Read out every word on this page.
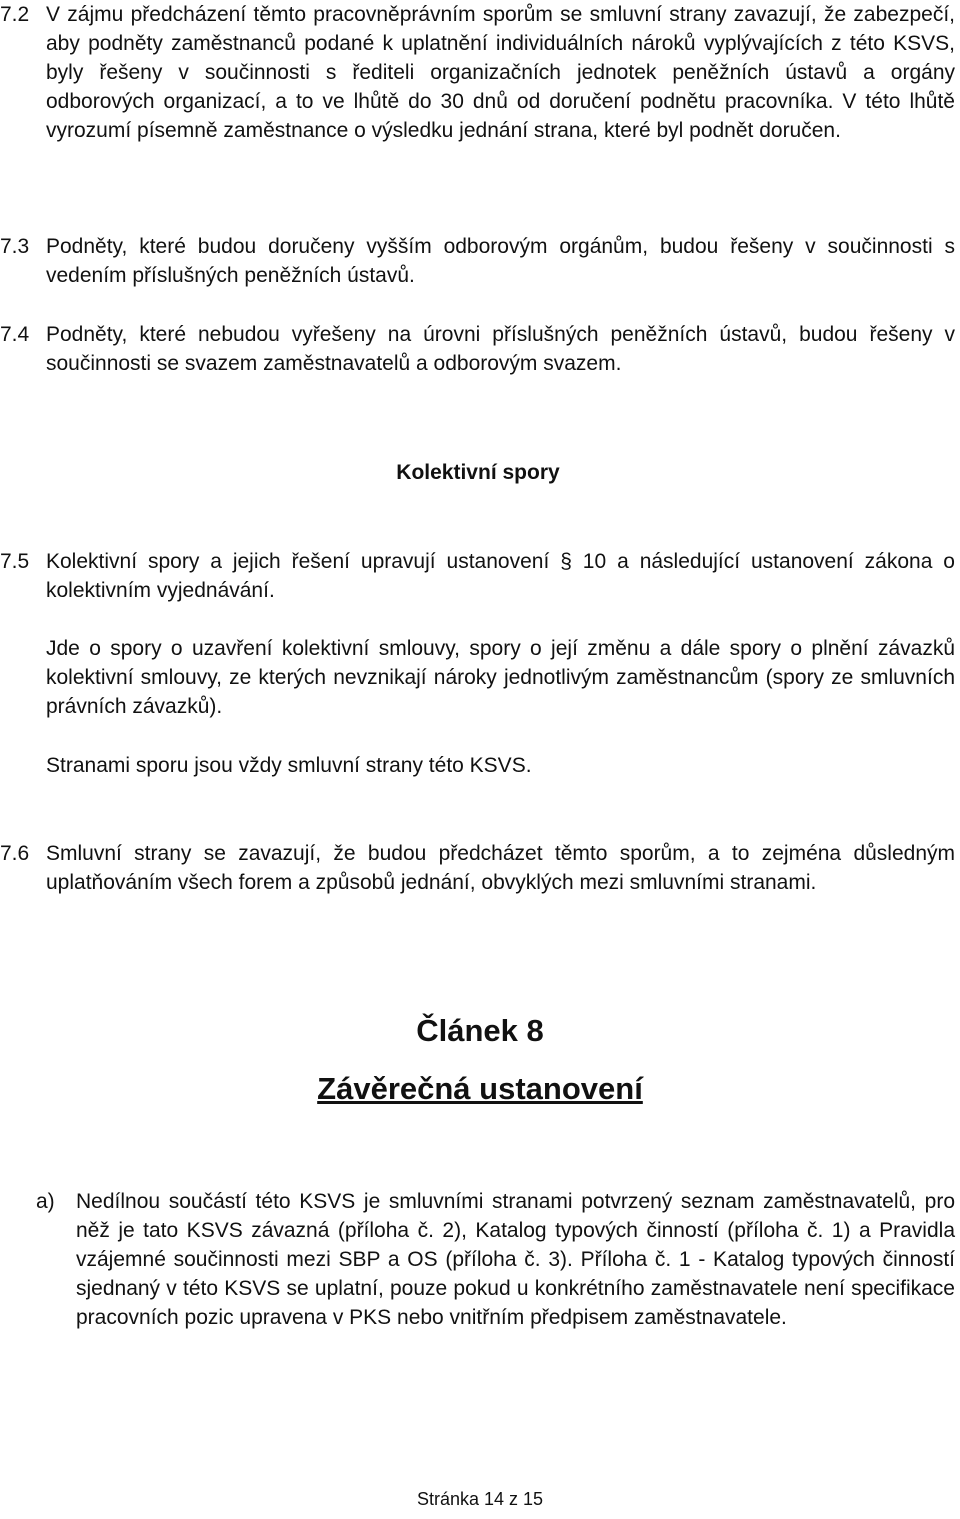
7.2 V zájmu předcházení těmto pracovněprávním sporům se smluvní strany zavazují, že zabezpečí, aby podněty zaměstnanců podané k uplatnění individuálních nároků vyplývajících z této KSVS, byly řešeny v součinnosti s řediteli organizačních jednotek peněžních ústavů a orgány odborových organizací, a to ve lhůtě do 30 dnů od doručení podnětu pracovníka. V této lhůtě vyrozumí písemně zaměstnance o výsledku jednání strana, které byl podnět doručen.
7.3 Podněty, které budou doručeny vyšším odborovým orgánům, budou řešeny v součinnosti s vedením příslušných peněžních ústavů.
7.4 Podněty, které nebudou vyřešeny na úrovni příslušných peněžních ústavů, budou řešeny v součinnosti se svazem zaměstnavatelů a odborovým svazem.
Kolektivní spory
7.5 Kolektivní spory a jejich řešení upravují ustanovení § 10 a následující ustanovení zákona o kolektivním vyjednávání.
Jde o spory o uzavření kolektivní smlouvy, spory o její změnu a dále spory o plnění závazků kolektivní smlouvy, ze kterých nevznikají nároky jednotlivým zaměstnancům (spory ze smluvních právních závazků).
Stranami sporu jsou vždy smluvní strany této KSVS.
7.6 Smluvní strany se zavazují, že budou předcházet těmto sporům, a to zejména důsledným uplatňováním všech forem a způsobů jednání, obvyklých mezi smluvními stranami.
Článek 8
Závěrečná ustanovení
a)	Nedílnou součástí této KSVS je smluvními stranami potvrzený seznam zaměstnavatelů, pro něž je tato KSVS závazná (příloha č. 2), Katalog typových činností (příloha č. 1) a Pravidla vzájemné součinnosti mezi SBP a OS (příloha č. 3). Příloha č. 1 - Katalog typových činností sjednaný v této KSVS se uplatní, pouze pokud u konkrétního zaměstnavatele není specifikace pracovních pozic upravena v PKS nebo vnitřním předpisem zaměstnavatele.
Stránka 14 z 15
